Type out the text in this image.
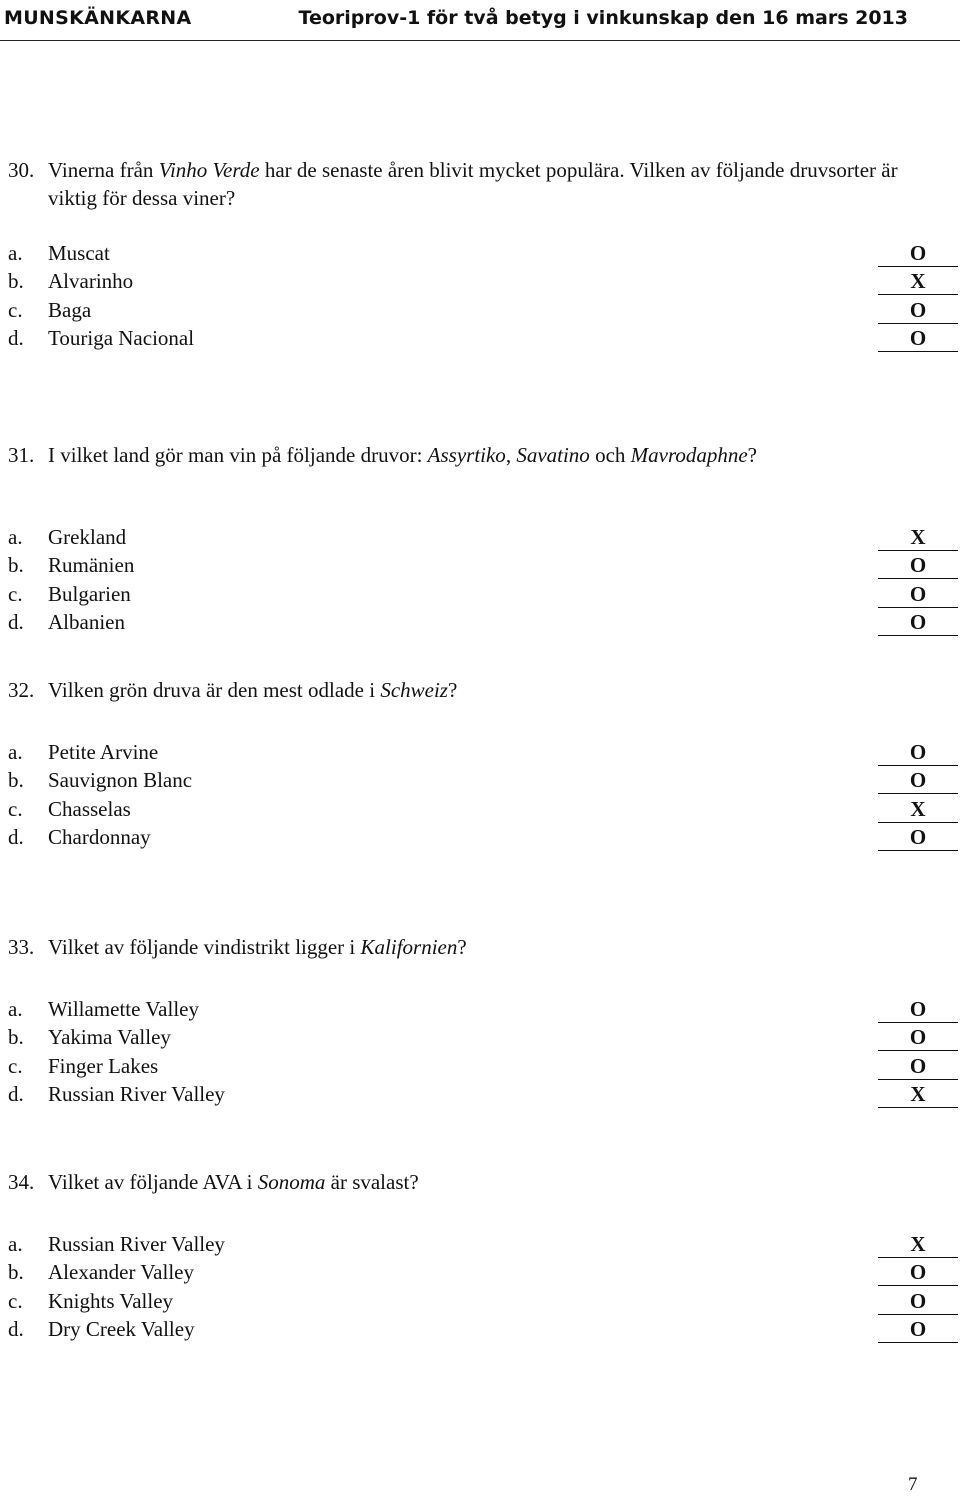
MUNSKÄNKARNA	Teoriprov-1 för två betyg i vinkunskap den 16 mars 2013
30. Vinerna från Vinho Verde har de senaste åren blivit mycket populära. Vilken av följande druvsorter är viktig för dessa viner?
a. Muscat	O
b. Alvarinho	X
c. Baga	O
d. Touriga Nacional	O
31. I vilket land gör man vin på följande druvor: Assyrtiko, Savatino och Mavrodaphne?
a. Grekland	X
b. Rumänien	O
c. Bulgarien	O
d. Albanien	O
32. Vilken grön druva är den mest odlade i Schweiz?
a. Petite Arvine	O
b. Sauvignon Blanc	O
c. Chasselas	X
d. Chardonnay	O
33. Vilket av följande vindistrikt ligger i Kalifornien?
a. Willamette Valley	O
b. Yakima Valley	O
c. Finger Lakes	O
d. Russian River Valley	X
34. Vilket av följande AVA i Sonoma är svalast?
a. Russian River Valley	X
b. Alexander Valley	O
c. Knights Valley	O
d. Dry Creek Valley	O
7
